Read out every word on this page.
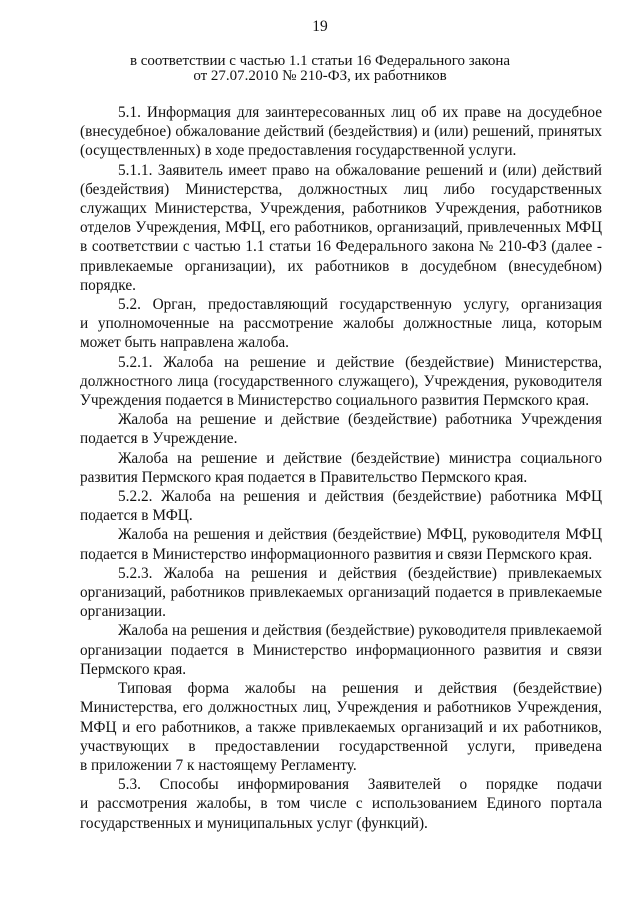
19
в соответствии с частью 1.1 статьи 16 Федерального закона
от 27.07.2010 № 210-ФЗ, их работников
5.1. Информация для заинтересованных лиц об их праве на досудебное
(внесудебное) обжалование действий (бездействия) и (или) решений, принятых
(осуществленных) в ходе предоставления государственной услуги.
5.1.1. Заявитель имеет право на обжалование решений и (или) действий
(бездействия) Министерства, должностных лиц либо государственных
служащих Министерства, Учреждения, работников Учреждения, работников
отделов Учреждения, МФЦ, его работников, организаций, привлеченных МФЦ
в соответствии с частью 1.1 статьи 16 Федерального закона № 210-ФЗ (далее -
привлекаемые организации), их работников в досудебном (внесудебном)
порядке.
5.2. Орган, предоставляющий государственную услугу, организация
и уполномоченные на рассмотрение жалобы должностные лица, которым
может быть направлена жалоба.
5.2.1. Жалоба на решение и действие (бездействие) Министерства,
должностного лица (государственного служащего), Учреждения, руководителя
Учреждения подается в Министерство социального развития Пермского края.
Жалоба на решение и действие (бездействие) работника Учреждения
подается в Учреждение.
Жалоба на решение и действие (бездействие) министра социального
развития Пермского края подается в Правительство Пермского края.
5.2.2. Жалоба на решения и действия (бездействие) работника МФЦ
подается в МФЦ.
Жалоба на решения и действия (бездействие) МФЦ, руководителя МФЦ
подается в Министерство информационного развития и связи Пермского края.
5.2.3. Жалоба на решения и действия (бездействие) привлекаемых
организаций, работников привлекаемых организаций подается в привлекаемые
организации.
Жалоба на решения и действия (бездействие) руководителя привлекаемой
организации подается в Министерство информационного развития и связи
Пермского края.
Типовая форма жалобы на решения и действия (бездействие)
Министерства, его должностных лиц, Учреждения и работников Учреждения,
МФЦ и его работников, а также привлекаемых организаций и их работников,
участвующих в предоставлении государственной услуги, приведена
в приложении 7 к настоящему Регламенту.
5.3. Способы информирования Заявителей о порядке подачи
и рассмотрения жалобы, в том числе с использованием Единого портала
государственных и муниципальных услуг (функций).
